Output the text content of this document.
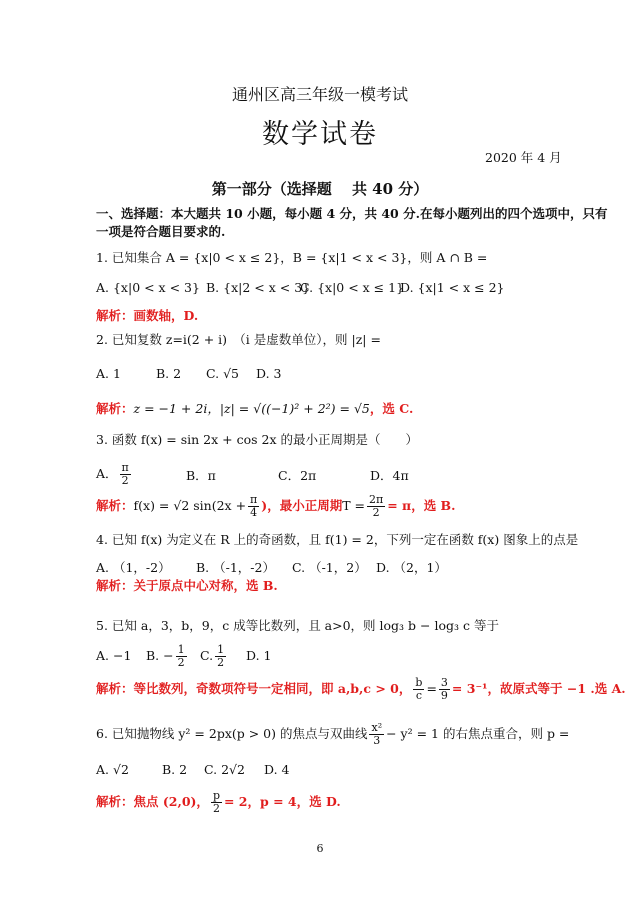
通州区高三年级一模考试
数学试卷
2020 年 4 月
第一部分（选择题　 共 40 分）
一、选择题：本大题共 10 小题，每小题 4 分，共 40 分.在每小题列出的四个选项中，只有
一项是符合题目要求的.
1. 已知集合 A = {x|0 < x ≤ 2}，B = {x|1 < x < 3}，则 A ∩ B =
A. {x|0 < x < 3} B. {x|2 < x < 3}
C. {x|0 < x ≤ 1}
D. {x|1 < x ≤ 2}
解析：画数轴，D.
2. 已知复数 z=i(2 + i)　（i 是虚数单位），则 |z| =
A. 1	B. 2 C. √5 D. 3
解析：z = −1 + 2i，|z| = √((−1)² + 2²) = √5，选 C.
3. 函数 f(x) = sin 2x + cos 2x 的最小正周期是（　　）
A． $\frac{\pi}{2}$	B．π	C．2π	D．4π
解析：f(x) = √2 $\sin(2x + \frac{\pi}{4}$ )，最小正周期$T = \frac{2\pi}{2} = \pi$，选 B.
4. 已知 f(x) 为定义在 R 上的奇函数，且 f(1) = 2，下列一定在函数 f(x) 图象上的点是
A. （1，-2） B. （-1，-2） C. （-1，2） D. （2，1）
解析：关于原点中心对称，选 B.
5. 已知 a，3，b，9，c 成等比数列，且 a>0，则 log₃ b − log₃ c 等于
A. −1 B. − $\frac{1}{2} C$. $\frac{1}{2} D$. 1
解析：等比数列，奇数项符号一定相同，即 a,b,c > 0， $\frac{b}{c} = \frac{3}{9} = 3^{-1}$，故原式等于 −1 .选 A.
6. 已知抛物线 y² = 2px(p > 0) 的焦点与双曲线 $\frac{\text{x²}}{3} - y^2 = 1$ 的右焦点重合，则 p =
A. √2	B. 2 C. 2√2 D. 4
解析：焦点 (2,0)， $\frac{p}{2} = 2$，p = 4，选 D.
6
